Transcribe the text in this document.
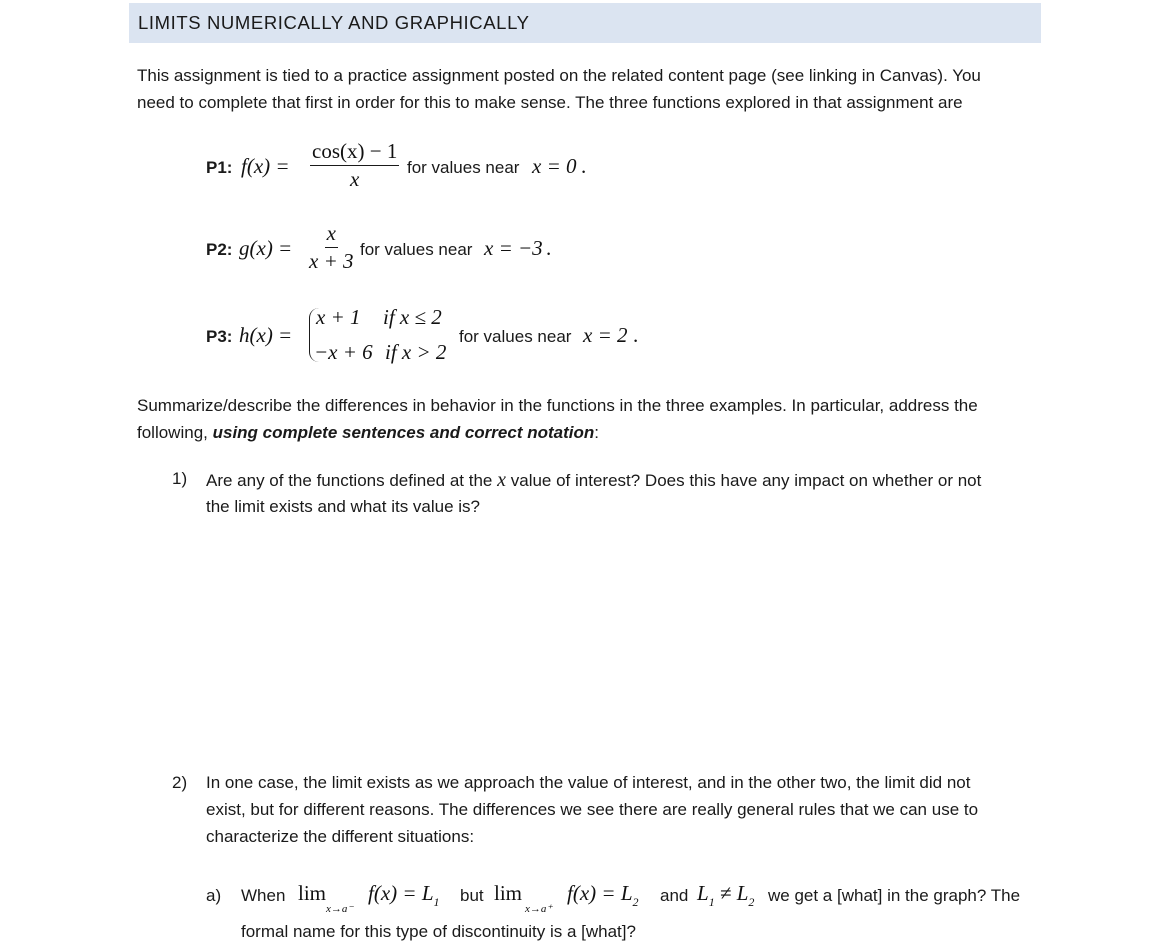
LIMITS NUMERICALLY AND GRAPHICALLY
This assignment is tied to a practice assignment posted on the related content page (see linking in Canvas). You
need to complete that first in order for this to make sense. The three functions explored in that assignment are
P1: $f(x) = \frac{\cos(x) - 1}{x}$ for values near x = 0 .
P2: $g(x) = \frac{x}{x + 3}$ for values near x = −3 .
P3: h(x) =
x + 1 if x ≤ 2
−x + 6 if x > 2
for values near x = 2 .
Summarize/describe the differences in behavior in the functions in the three examples. In particular, address the
following, using complete sentences and correct notation:
1) Are any of the functions defined at the x value of interest? Does this have any impact on whether or not
the limit exists and what its value is?
2) In one case, the limit exists as we approach the value of interest, and in the other two, the limit did not
exist, but for different reasons. The differences we see there are really general rules that we can use to
characterize the different situations:
a) When lim
x→a⁻
$f(x) = L_1$ but lim
x→a⁺
$f(x) = L_2$ and $L_1 \ne L_2$ we get a [what] in the graph? The
formal name for this type of discontinuity is a [what]?
